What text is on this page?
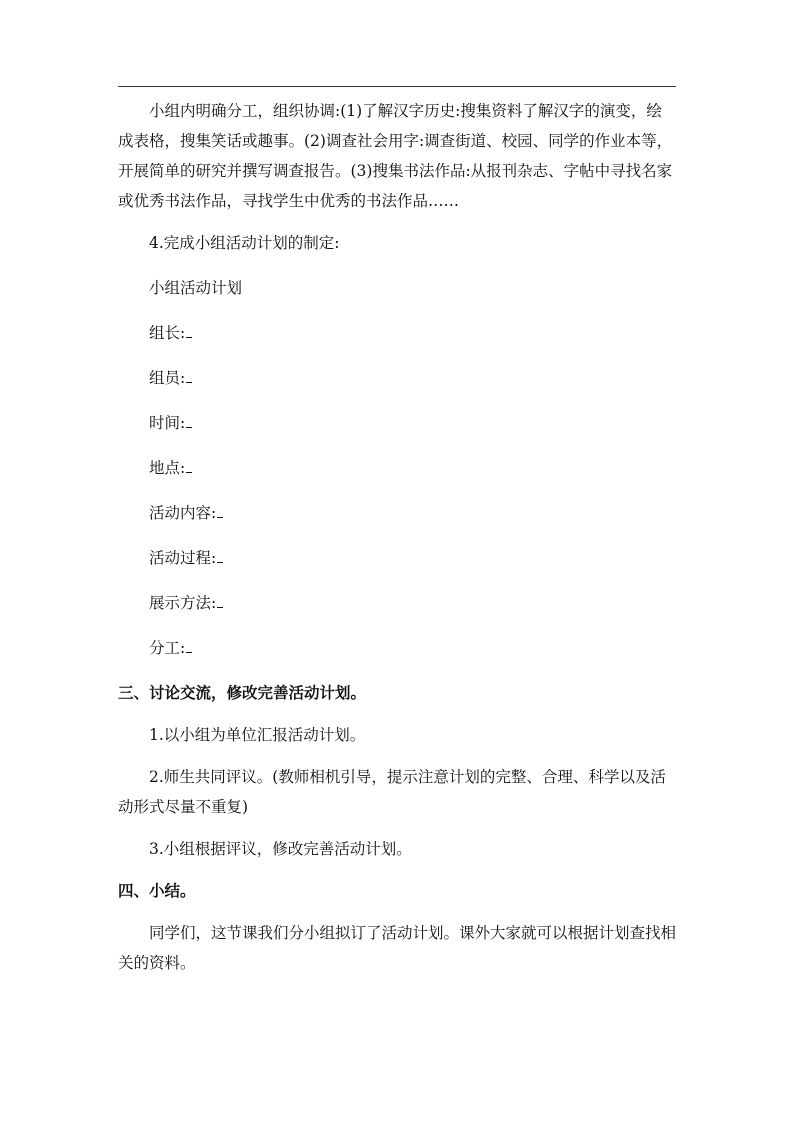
小组内明确分工，组织协调:(1)了解汉字历史:搜集资料了解汉字的演变，绘成表格，搜集笑话或趣事。(2)调查社会用字:调查街道、校园、同学的作业本等，开展简单的研究并撰写调查报告。(3)搜集书法作品:从报刊杂志、字帖中寻找名家或优秀书法作品，寻找学生中优秀的书法作品……

4.完成小组活动计划的制定:

小组活动计划

组长:

组员:

时间:

地点:

活动内容:

活动过程:

展示方法:

分工:

三、讨论交流，修改完善活动计划。

1.以小组为单位汇报活动计划。

2.师生共同评议。(教师相机引导，提示注意计划的完整、合理、科学以及活动形式尽量不重复)

3.小组根据评议，修改完善活动计划。

四、小结。

同学们，这节课我们分小组拟订了活动计划。课外大家就可以根据计划查找相关的资料。
